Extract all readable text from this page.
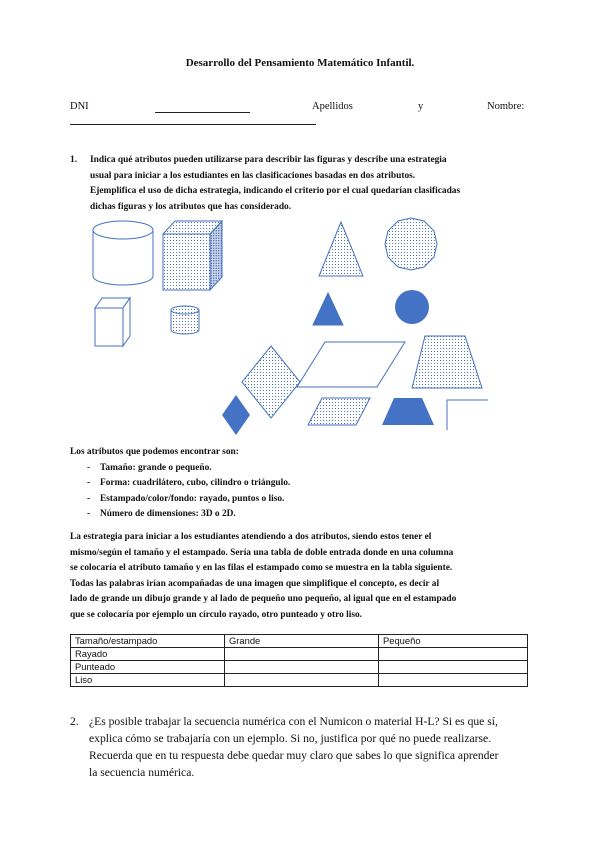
Desarrollo del Pensamiento Matemático Infantil.
DNI	Apellidos	y	Nombre:
1. Indica qué atributos pueden utilizarse para describir las figuras y describe una estrategia
usual para iniciar a los estudiantes en las clasificaciones basadas en dos atributos.
Ejemplifica el uso de dicha estrategia, indicando el criterio por el cual quedarían clasificadas
dichas figuras y los atributos que has considerado.
Los atributos que podemos encontrar son:
- Tamaño: grande o pequeño.
- Forma: cuadrilátero, cubo, cilindro o triángulo.
- Estampado/color/fondo: rayado, puntos o liso.
- Número de dimensiones: 3D o 2D.
La estrategia para iniciar a los estudiantes atendiendo a dos atributos, siendo estos tener el
mismo/según el tamaño y el estampado. Sería una tabla de doble entrada donde en una columna
se colocaría el atributo tamaño y en las filas el estampado como se muestra en la tabla siguiente.
Todas las palabras irían acompañadas de una imagen que simplifique el concepto, es decir al
lado de grande un dibujo grande y al lado de pequeño uno pequeño, al igual que en el estampado
que se colocaría por ejemplo un círculo rayado, otro punteado y otro liso.
Tamaño/estampado	Grande	Pequeño
Rayado		
Punteado		
Liso		
2. ¿Es posible trabajar la secuencia numérica con el Numicon o material H-L? Si es que sí,
explica cómo se trabajaría con un ejemplo. Si no, justifica por qué no puede realizarse.
Recuerda que en tu respuesta debe quedar muy claro que sabes lo que significa aprender
la secuencia numérica.
